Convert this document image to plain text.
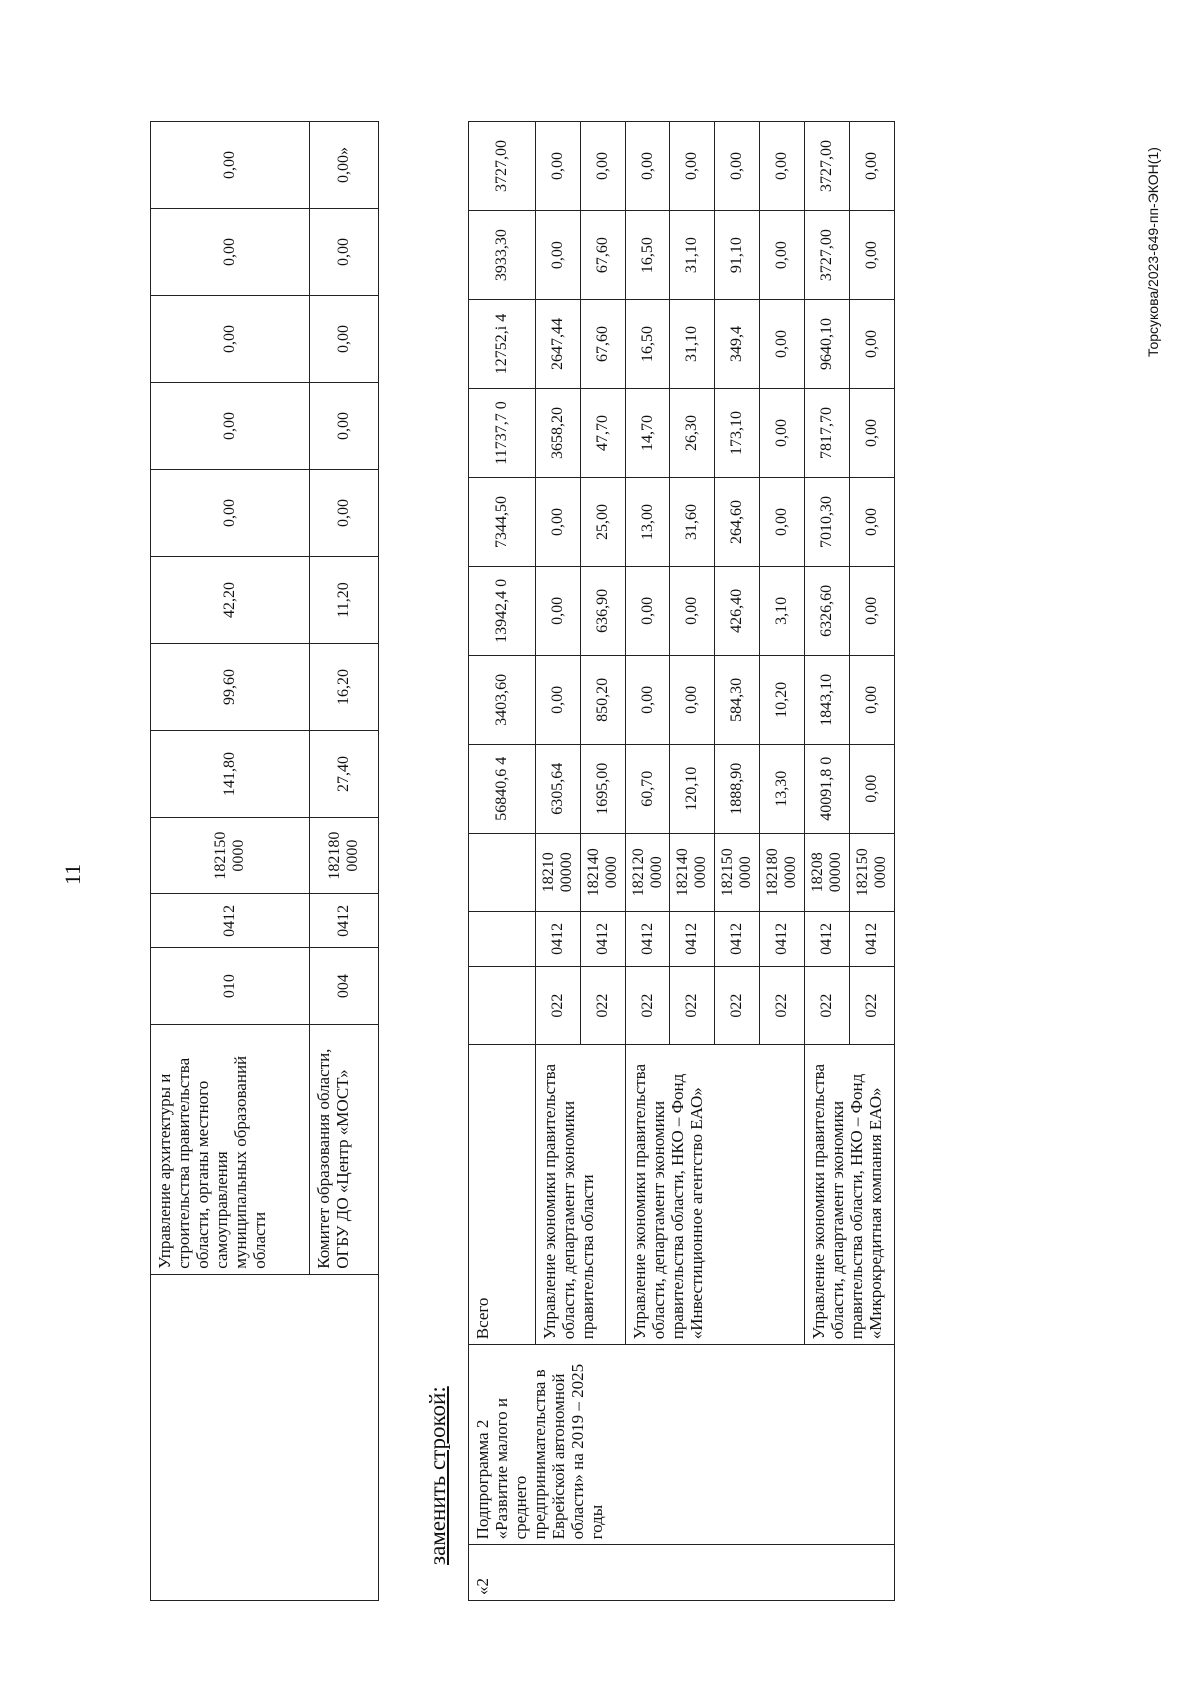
11
	Управление архитектуры и строительства правительства области, органы местного самоуправления муниципальных образований области	010	0412	182150 0000	141,80	99,60	42,20	0,00	0,00	0,00	0,00	0,00
	Комитет образования области, ОГБУ ДО «Центр «МОСТ»	004	0412	182180 0000	27,40	16,20	11,20	0,00	0,00	0,00	0,00	0,00»
заменить строкой:
«2	Подпрограмма 2 «Развитие малого и среднего предпринимательства в Еврейской автономной области» на 2019 – 2025 годы	Всего				56840,6 4	3403,60	13942,4 0	7344,50	11737,7 0	12752,і 4	3933,30	3727,00
		Управление экономики правительства области, департамент экономики правительства области	022	0412	18210 00000	6305,64	0,00	0,00	0,00	3658,20	2647,44	0,00	0,00
			022	0412	182140 0000	1695,00	850,20	636,90	25,00	47,70	67,60	67,60	0,00
		Управление экономики правительства области, департамент экономики правительства области, НКО – Фонд «Инвестиционное агентство ЕАО»	022	0412	182120 0000	60,70	0,00	0,00	13,00	14,70	16,50	16,50	0,00
			022	0412	182140 0000	120,10	0,00	0,00	31,60	26,30	31,10	31,10	0,00
			022	0412	182150 0000	1888,90	584,30	426,40	264,60	173,10	349,4	91,10	0,00
			022	0412	182180 0000	13,30	10,20	3,10	0,00	0,00	0,00	0,00	0,00
		Управление экономики правительства области, департамент экономики правительства области, НКО – Фонд «Микрокредитная компания ЕАО»	022	0412	18208 00000	40091,8 0	1843,10	6326,60	7010,30	7817,70	9640,10	3727,00	3727,00
			022	0412	182150 0000	0,00	0,00	0,00	0,00	0,00	0,00	0,00	0,00	Торсукова/2023-649-пп-ЭКОН(1)
